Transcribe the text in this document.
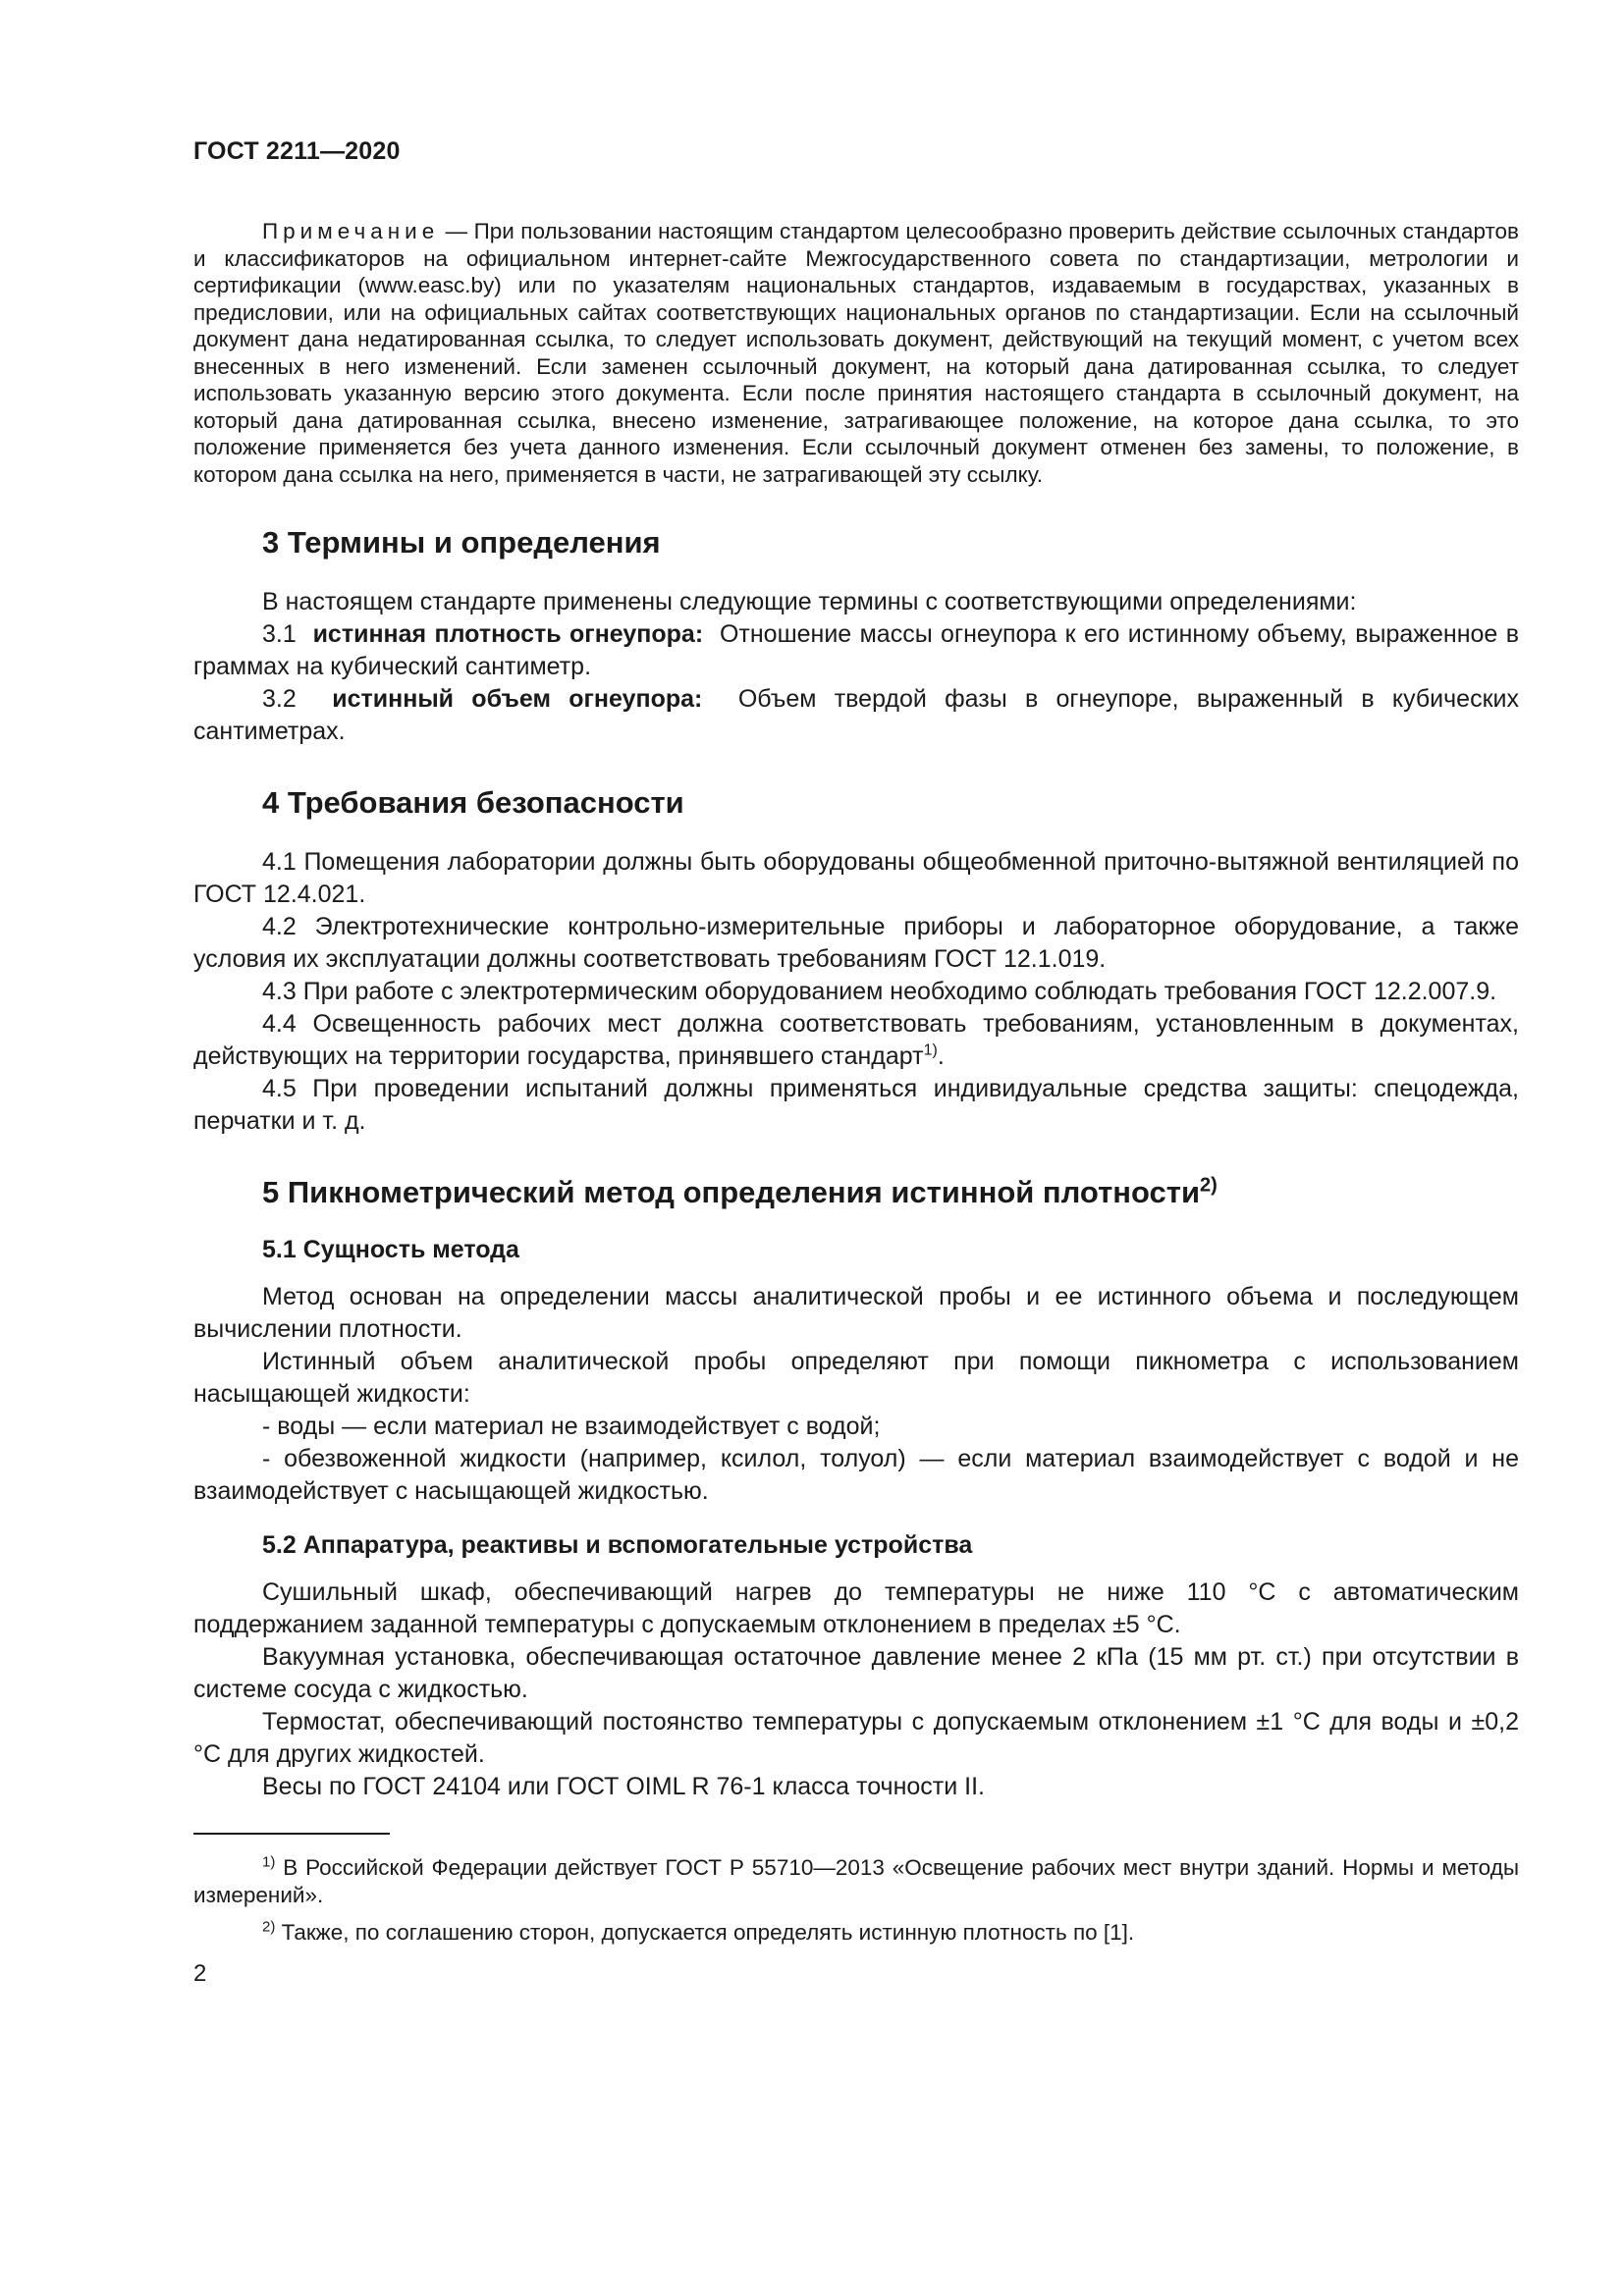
ГОСТ 2211—2020

Примечание — При пользовании настоящим стандартом целесообразно проверить действие ссылочных стандартов и классификаторов на официальном интернет-сайте Межгосударственного совета по стандартизации, метрологии и сертификации (www.easc.by) или по указателям национальных стандартов, издаваемым в государствах, указанных в предисловии, или на официальных сайтах соответствующих национальных органов по стандартизации. Если на ссылочный документ дана недатированная ссылка, то следует использовать документ, действующий на текущий момент, с учетом всех внесенных в него изменений. Если заменен ссылочный документ, на который дана датированная ссылка, то следует использовать указанную версию этого документа. Если после принятия настоящего стандарта в ссылочный документ, на который дана датированная ссылка, внесено изменение, затрагивающее положение, на которое дана ссылка, то это положение применяется без учета данного изменения. Если ссылочный документ отменен без замены, то положение, в котором дана ссылка на него, применяется в части, не затрагивающей эту ссылку.

3 Термины и определения

В настоящем стандарте применены следующие термины с соответствующими определениями:

3.1 истинная плотность огнеупора: Отношение массы огнеупора к его истинному объему, выраженное в граммах на кубический сантиметр.

3.2 истинный объем огнеупора: Объем твердой фазы в огнеупоре, выраженный в кубических сантиметрах.

4 Требования безопасности

4.1 Помещения лаборатории должны быть оборудованы общеобменной приточно-вытяжной вентиляцией по ГОСТ 12.4.021.

4.2 Электротехнические контрольно-измерительные приборы и лабораторное оборудование, а также условия их эксплуатации должны соответствовать требованиям ГОСТ 12.1.019.

4.3 При работе с электротермическим оборудованием необходимо соблюдать требования ГОСТ 12.2.007.9.

4.4 Освещенность рабочих мест должна соответствовать требованиям, установленным в документах, действующих на территории государства, принявшего стандарт$^{1)}$.

4.5 При проведении испытаний должны применяться индивидуальные средства защиты: спецодежда, перчатки и т. д.

5 Пикнометрический метод определения истинной плотности$^{2)}$
5.1 Сущность метода

Метод основан на определении массы аналитической пробы и ее истинного объема и последующем вычислении плотности.

Истинный объем аналитической пробы определяют при помощи пикнометра с использованием насыщающей жидкости:

- воды — если материал не взаимодействует с водой;

- обезвоженной жидкости (например, ксилол, толуол) — если материал взаимодействует с водой и не взаимодействует с насыщающей жидкостью.

5.2 Аппаратура, реактивы и вспомогательные устройства

Сушильный шкаф, обеспечивающий нагрев до температуры не ниже 110 °С с автоматическим поддержанием заданной температуры с допускаемым отклонением в пределах ±5 °С.

Вакуумная установка, обеспечивающая остаточное давление менее 2 кПа (15 мм рт. ст.) при отсутствии в системе сосуда с жидкостью.

Термостат, обеспечивающий постоянство температуры с допускаемым отклонением ±1 °С для воды и ±0,2 °С для других жидкостей.

Весы по ГОСТ 24104 или ГОСТ OIML R 76-1 класса точности II.

$^{1)}$ В Российской Федерации действует ГОСТ Р 55710—2013 «Освещение рабочих мест внутри зданий. Нормы и методы измерений».

$^{2)}$ Также, по соглашению сторон, допускается определять истинную плотность по [1].

2
